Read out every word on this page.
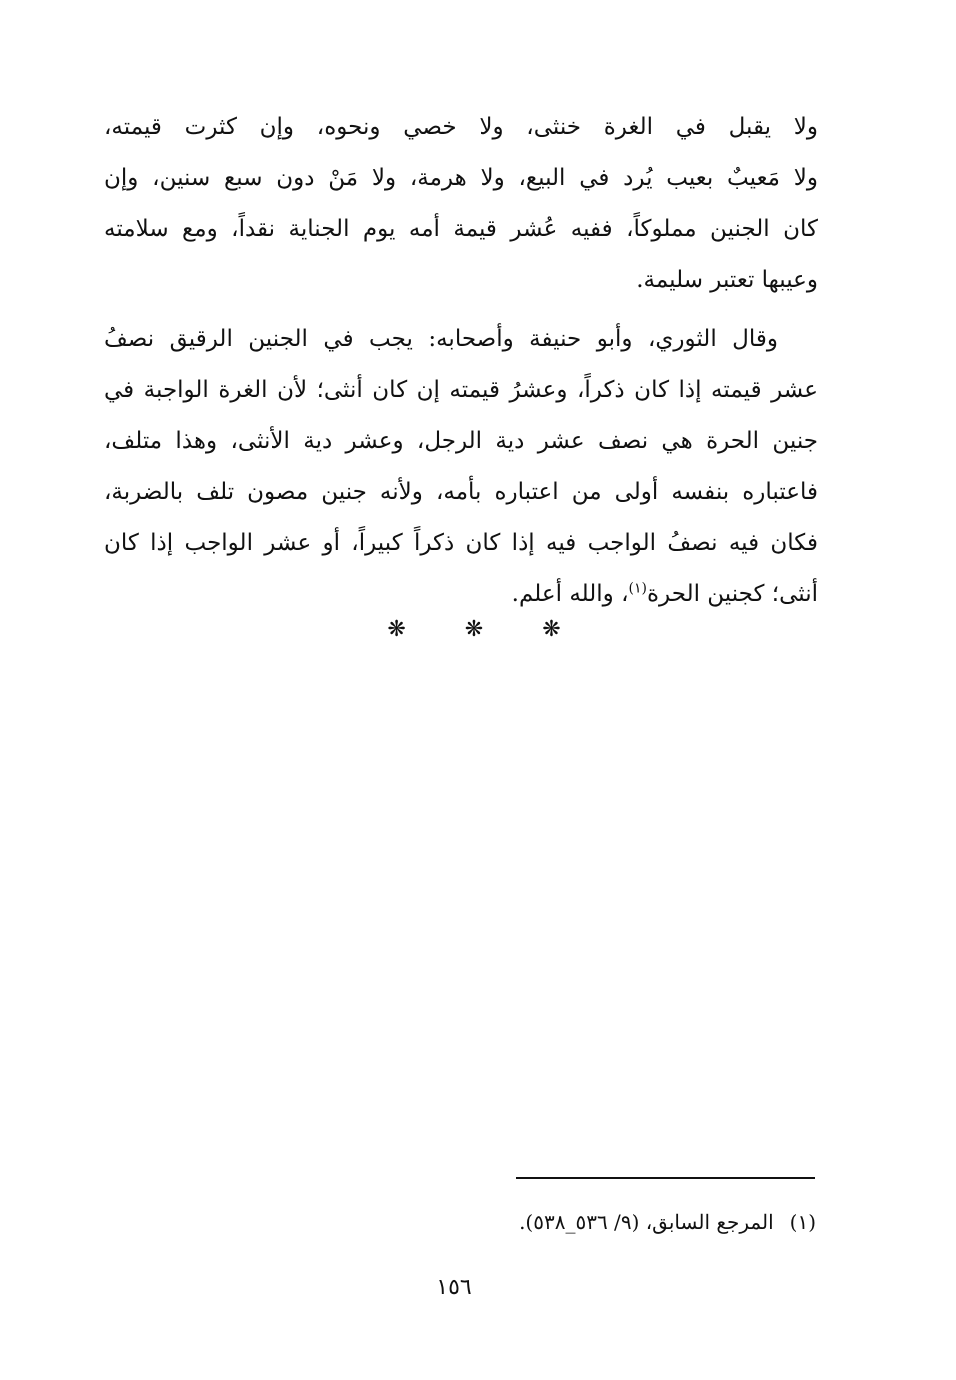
ولا يقبل في الغرة خنثى، ولا خصي ونحوه، وإن كثرت قيمته،
ولا مَعيبٌ بعيب يُرد في البيع، ولا هرمة، ولا مَنْ دون سبع سنين، وإن
كان الجنين مملوكاً، ففيه عُشر قيمة أمه يوم الجناية نقداً، ومع سلامته
وعيبها تعتبر سليمة.
وقال الثوري، وأبو حنيفة وأصحابه: يجب في الجنين الرقيق نصفُ
عشر قيمته إذا كان ذكراً، وعشرُ قيمته إن كان أنثى؛ لأن الغرة الواجبة في
جنين الحرة هي نصف عشر دية الرجل، وعشر دية الأنثى، وهذا متلف،
فاعتباره بنفسه أولى من اعتباره بأمه، ولأنه جنين مصون تلف بالضربة،
فكان فيه نصفُ الواجب فيه إذا كان ذكراً كبيراً، أو عشر الواجب إذا كان
أنثى؛ كجنين الحرة$^{(١)}$، والله أعلم.
❋ ❋ ❋
(١)المرجع السابق، (٩/ ٥٣٦_٥٣٨).
١٥٦
